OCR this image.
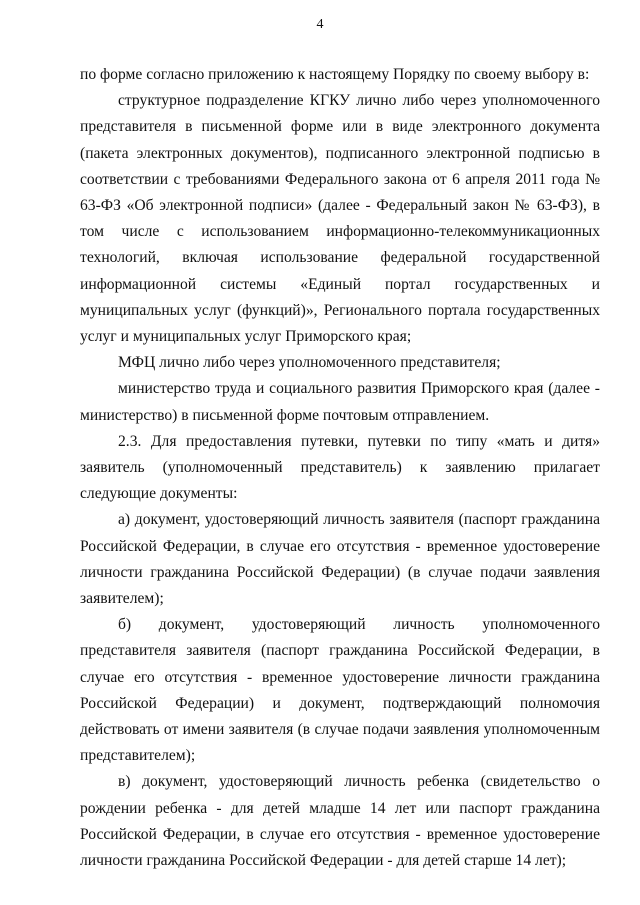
4

по форме согласно приложению к настоящему Порядку по своему выбору в:

структурное подразделение КГКУ лично либо через уполномоченного представителя в письменной форме или в виде электронного документа (пакета электронных документов), подписанного электронной подписью в соответствии с требованиями Федерального закона от 6 апреля 2011 года № 63-ФЗ «Об электронной подписи» (далее - Федеральный закон № 63-ФЗ), в том числе с использованием информационно-телекоммуникационных технологий, включая использование федеральной государственной информационной системы «Единый портал государственных и муниципальных услуг (функций)», Регионального портала государственных услуг и муниципальных услуг Приморского края;

МФЦ лично либо через уполномоченного представителя;

министерство труда и социального развития Приморского края (далее - министерство) в письменной форме почтовым отправлением.

2.3. Для предоставления путевки, путевки по типу «мать и дитя» заявитель (уполномоченный представитель) к заявлению прилагает следующие документы:

а) документ, удостоверяющий личность заявителя (паспорт гражданина Российской Федерации, в случае его отсутствия - временное удостоверение личности гражданина Российской Федерации) (в случае подачи заявления заявителем);

б) документ, удостоверяющий личность уполномоченного представителя заявителя (паспорт гражданина Российской Федерации, в случае его отсутствия - временное удостоверение личности гражданина Российской Федерации) и документ, подтверждающий полномочия действовать от имени заявителя (в случае подачи заявления уполномоченным представителем);

в) документ, удостоверяющий личность ребенка (свидетельство о рождении ребенка - для детей младше 14 лет или паспорт гражданина Российской Федерации, в случае его отсутствия - временное удостоверение личности гражданина Российской Федерации - для детей старше 14 лет);
